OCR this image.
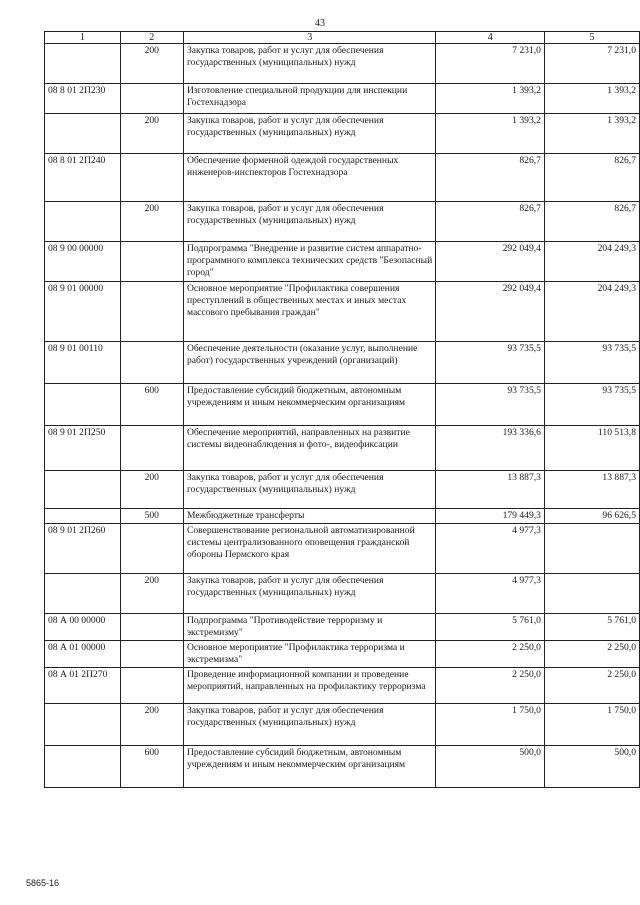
43
1	2	3	4	5
	200	Закупка товаров, работ и услуг для обеспечения государственных (муниципальных) нужд	7 231,0	7 231,0
08 8 01 2П230		Изготовление специальной продукции для инспекции Гостехнадзора	1 393,2	1 393,2
	200	Закупка товаров, работ и услуг для обеспечения государственных (муниципальных) нужд	1 393,2	1 393,2
08 8 01 2П240		Обеспечение форменной одеждой государственных инженеров-инспекторов Гостехнадзора	826,7	826,7
	200	Закупка товаров, работ и услуг для обеспечения государственных (муниципальных) нужд	826,7	826,7
08 9 00 00000		Подпрограмма "Внедрение и развитие систем аппаратно-программного комплекса технических средств "Безопасный город"	292 049,4	204 249,3
08 9 01 00000		Основное мероприятие "Профилактика совершения преступлений в общественных местах и иных местах массового пребывания граждан"	292 049,4	204 249,3
08 9 01 00110		Обеспечение деятельности (оказание услуг, выполнение работ) государственных учреждений (организаций)	93 735,5	93 735,5
	600	Предоставление субсидий бюджетным, автономным учреждениям и иным некоммерческим организациям	93 735,5	93 735,5
08 9 01 2П250		Обеспечение мероприятий, направленных на развитие системы видеонаблюдения и фото-, видеофиксации	193 336,6	110 513,8
	200	Закупка товаров, работ и услуг для обеспечения государственных (муниципальных) нужд	13 887,3	13 887,3
	500	Межбюджетные трансферты	179 449,3	96 626,5
08 9 01 2П260		Совершенствование региональной автоматизированной системы централизованного оповещения гражданской обороны Пермского края	4 977,3	
	200	Закупка товаров, работ и услуг для обеспечения государственных (муниципальных) нужд	4 977,3	
08 А 00 00000		Подпрограмма "Противодействие терроризму и экстремизму"	5 761,0	5 761,0
08 А 01 00000		Основное мероприятие "Профилактика терроризма и экстремизма"	2 250,0	2 250,0
08 А 01 2П270		Проведение информационной компании и проведение мероприятий, направленных на профилактику терроризма	2 250,0	2 250,0
	200	Закупка товаров, работ и услуг для обеспечения государственных (муниципальных) нужд	1 750,0	1 750,0
	600	Предоставление субсидий бюджетным, автономным учреждениям и иным некоммерческим организациям	500,0	500,0
5865-16
